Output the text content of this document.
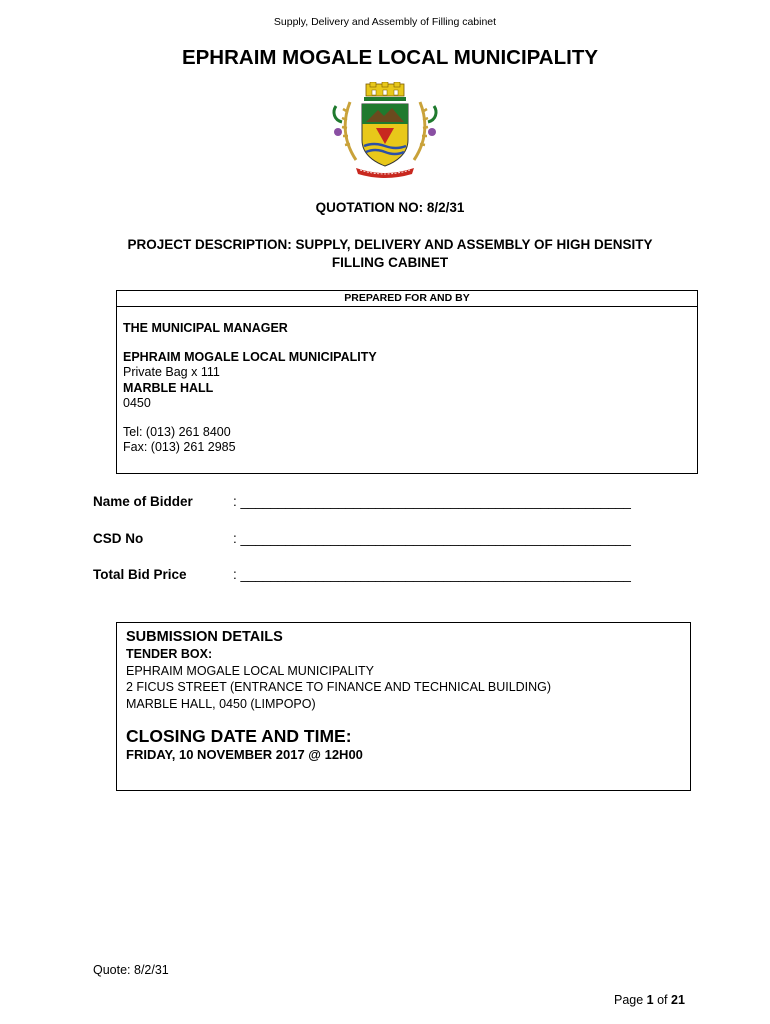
Supply, Delivery and Assembly of Filling cabinet
EPHRAIM MOGALE LOCAL MUNICIPALITY
QUOTATION NO: 8/2/31
PROJECT DESCRIPTION: SUPPLY, DELIVERY AND ASSEMBLY OF HIGH DENSITY FILLING CABINET
PREPARED FOR AND BY
THE MUNICIPAL MANAGER
EPHRAIM MOGALE LOCAL MUNICIPALITY
Private Bag x 111
MARBLE HALL
0450
Tel: (013) 261 8400
Fax: (013) 261 2985
Name of Bidder	: ____________________________________________________
CSD No	: ____________________________________________________
Total Bid Price	: ____________________________________________________
SUBMISSION DETAILS
TENDER BOX:
EPHRAIM MOGALE LOCAL MUNICIPALITY
2 FICUS STREET (ENTRANCE TO FINANCE AND TECHNICAL BUILDING)
MARBLE HALL, 0450 (LIMPOPO)
CLOSING DATE AND TIME:
FRIDAY, 10 NOVEMBER 2017 @ 12H00
Quote: 8/2/31
Page 1 of 21
